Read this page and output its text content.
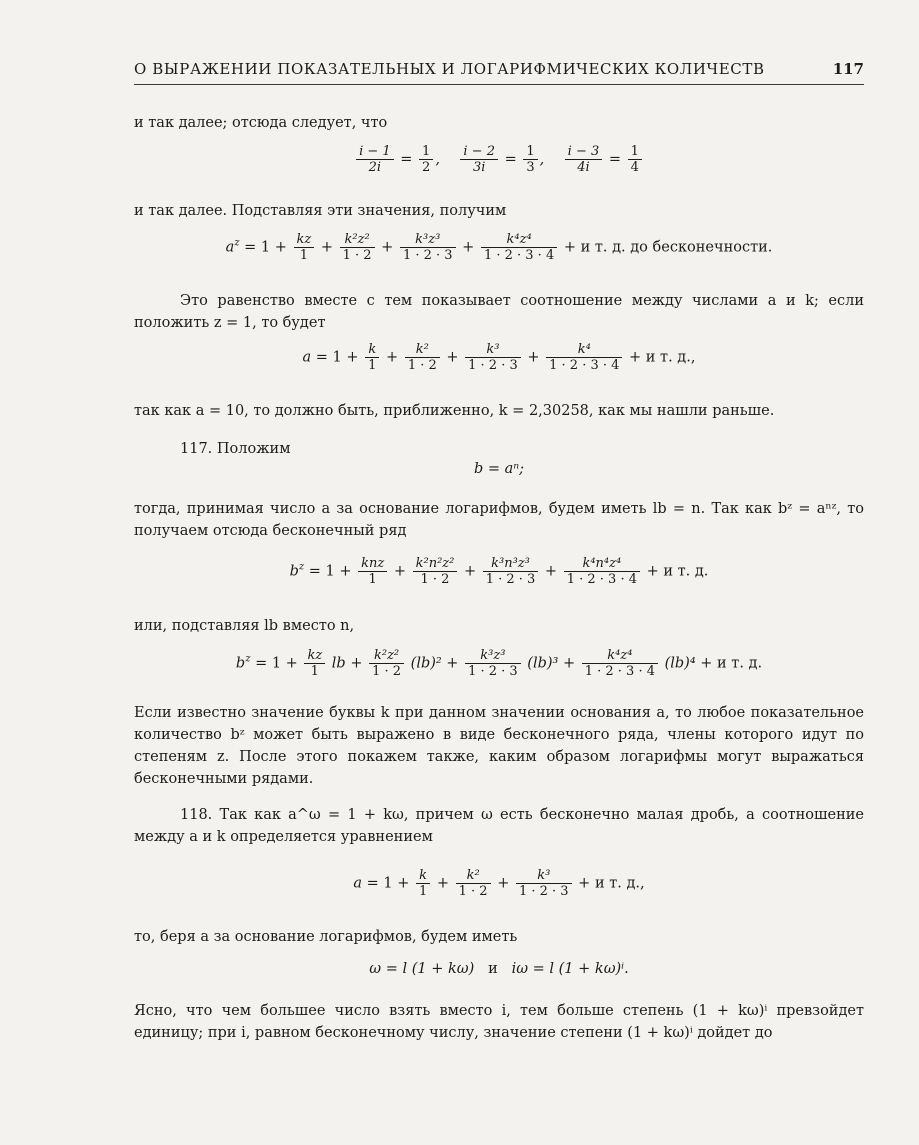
О ВЫРАЖЕНИИ ПОКАЗАТЕЛЬНЫХ И ЛОГАРИФМИЧЕСКИХ КОЛИЧЕСТВ	117
и так далее; отсюда следует, что
$\frac{i - 1}{2i} = \frac{1}{2}$ , $\frac{i - 2}{3i} = \frac{1}{3}$ , $\frac{i - 3}{4i} = \frac{1}{4}$
и так далее. Подставляя эти значения, получим
$a^z = 1 + \frac{kz}{1} + \frac{\text{k²z²}}{1 \cdot 2} + \frac{\text{k³z³}}{1 \cdot 2 \cdot 3} + \frac{\text{k⁴z⁴}}{1 \cdot 2 \cdot 3 \cdot 4} + и$ т. д. до бесконечности.
Это равенство вместе с тем показывает соотношение между числами a и k; если положить z = 1, то будет
$a = 1 + \frac{k}{1} + \frac{\text{k²}}{1 \cdot 2} + \frac{\text{k³}}{1 \cdot 2 \cdot 3} + \frac{\text{k⁴}}{1 \cdot 2 \cdot 3 \cdot 4} + и$ т. д.,
так как a = 10, то должно быть, приближенно, k = 2,30258, как мы нашли раньше.
117. Положим
b = aⁿ;
тогда, принимая число a за основание логарифмов, будем иметь lb = n. Так как bᶻ = aⁿᶻ, то получаем отсюда бесконечный ряд
$b^z = 1 + \frac{\text{knz}}{1} + \frac{\text{k²n²z²}}{1 \cdot 2} + \frac{\text{k³n³z³}}{1 \cdot 2 \cdot 3} + \frac{\text{k⁴n⁴z⁴}}{1 \cdot 2 \cdot 3 \cdot 4} + и$ т. д.
или, подставляя lb вместо n,
$b^z = 1 + \frac{kz}{1}$ lb + $\frac{\text{k²z²}}{1 \cdot 2} (lb)^2 + \frac{\text{k³z³}}{1 \cdot 2 \cdot 3} (lb)^3 + \frac{\text{k⁴z⁴}}{1 \cdot 2 \cdot 3 \cdot 4} (lb)^4 + и$ т. д.
Если известно значение буквы k при данном значении основания a, то любое показательное количество bᶻ может быть выражено в виде бесконечного ряда, члены которого идут по степеням z. После этого покажем также, каким образом логарифмы могут выражаться бесконечными рядами.
118. Так как a^ω = 1 + kω, причем ω есть бесконечно малая дробь, а соотношение между a и k определяется уравнением
$a = 1 + \frac{k}{1} + \frac{\text{k²}}{1 \cdot 2} + \frac{\text{k³}}{1 \cdot 2 \cdot 3} + и$ т. д.,
то, беря a за основание логарифмов, будем иметь
ω = l (1 + kω) и iω = l (1 + kω)ⁱ.
Ясно, что чем большее число взять вместо i, тем больше степень (1 + kω)ⁱ превзойдет единицу; при i, равном бесконечному числу, значение степени (1 + kω)ⁱ дойдет до
